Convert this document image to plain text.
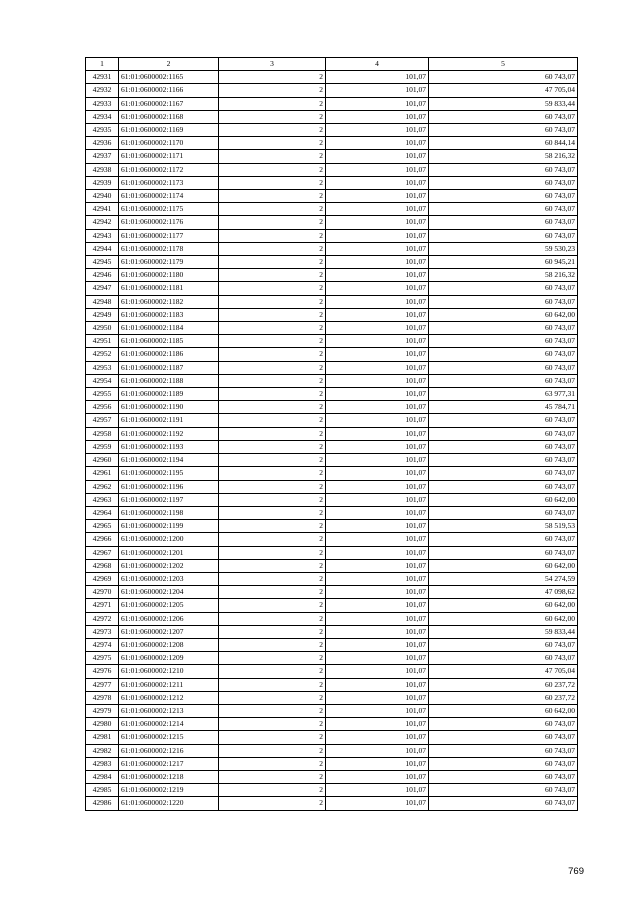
1	2	3	4	5
42931	61:01:0600002:1165	2	101,07	60 743,07
42932	61:01:0600002:1166	2	101,07	47 705,04
42933	61:01:0600002:1167	2	101,07	59 833,44
42934	61:01:0600002:1168	2	101,07	60 743,07
42935	61:01:0600002:1169	2	101,07	60 743,07
42936	61:01:0600002:1170	2	101,07	60 844,14
42937	61:01:0600002:1171	2	101,07	58 216,32
42938	61:01:0600002:1172	2	101,07	60 743,07
42939	61:01:0600002:1173	2	101,07	60 743,07
42940	61:01:0600002:1174	2	101,07	60 743,07
42941	61:01:0600002:1175	2	101,07	60 743,07
42942	61:01:0600002:1176	2	101,07	60 743,07
42943	61:01:0600002:1177	2	101,07	60 743,07
42944	61:01:0600002:1178	2	101,07	59 530,23
42945	61:01:0600002:1179	2	101,07	60 945,21
42946	61:01:0600002:1180	2	101,07	58 216,32
42947	61:01:0600002:1181	2	101,07	60 743,07
42948	61:01:0600002:1182	2	101,07	60 743,07
42949	61:01:0600002:1183	2	101,07	60 642,00
42950	61:01:0600002:1184	2	101,07	60 743,07
42951	61:01:0600002:1185	2	101,07	60 743,07
42952	61:01:0600002:1186	2	101,07	60 743,07
42953	61:01:0600002:1187	2	101,07	60 743,07
42954	61:01:0600002:1188	2	101,07	60 743,07
42955	61:01:0600002:1189	2	101,07	63 977,31
42956	61:01:0600002:1190	2	101,07	45 784,71
42957	61:01:0600002:1191	2	101,07	60 743,07
42958	61:01:0600002:1192	2	101,07	60 743,07
42959	61:01:0600002:1193	2	101,07	60 743,07
42960	61:01:0600002:1194	2	101,07	60 743,07
42961	61:01:0600002:1195	2	101,07	60 743,07
42962	61:01:0600002:1196	2	101,07	60 743,07
42963	61:01:0600002:1197	2	101,07	60 642,00
42964	61:01:0600002:1198	2	101,07	60 743,07
42965	61:01:0600002:1199	2	101,07	58 519,53
42966	61:01:0600002:1200	2	101,07	60 743,07
42967	61:01:0600002:1201	2	101,07	60 743,07
42968	61:01:0600002:1202	2	101,07	60 642,00
42969	61:01:0600002:1203	2	101,07	54 274,59
42970	61:01:0600002:1204	2	101,07	47 098,62
42971	61:01:0600002:1205	2	101,07	60 642,00
42972	61:01:0600002:1206	2	101,07	60 642,00
42973	61:01:0600002:1207	2	101,07	59 833,44
42974	61:01:0600002:1208	2	101,07	60 743,07
42975	61:01:0600002:1209	2	101,07	60 743,07
42976	61:01:0600002:1210	2	101,07	47 705,04
42977	61:01:0600002:1211	2	101,07	60 237,72
42978	61:01:0600002:1212	2	101,07	60 237,72
42979	61:01:0600002:1213	2	101,07	60 642,00
42980	61:01:0600002:1214	2	101,07	60 743,07
42981	61:01:0600002:1215	2	101,07	60 743,07
42982	61:01:0600002:1216	2	101,07	60 743,07
42983	61:01:0600002:1217	2	101,07	60 743,07
42984	61:01:0600002:1218	2	101,07	60 743,07
42985	61:01:0600002:1219	2	101,07	60 743,07
42986	61:01:0600002:1220	2	101,07	60 743,07
769
